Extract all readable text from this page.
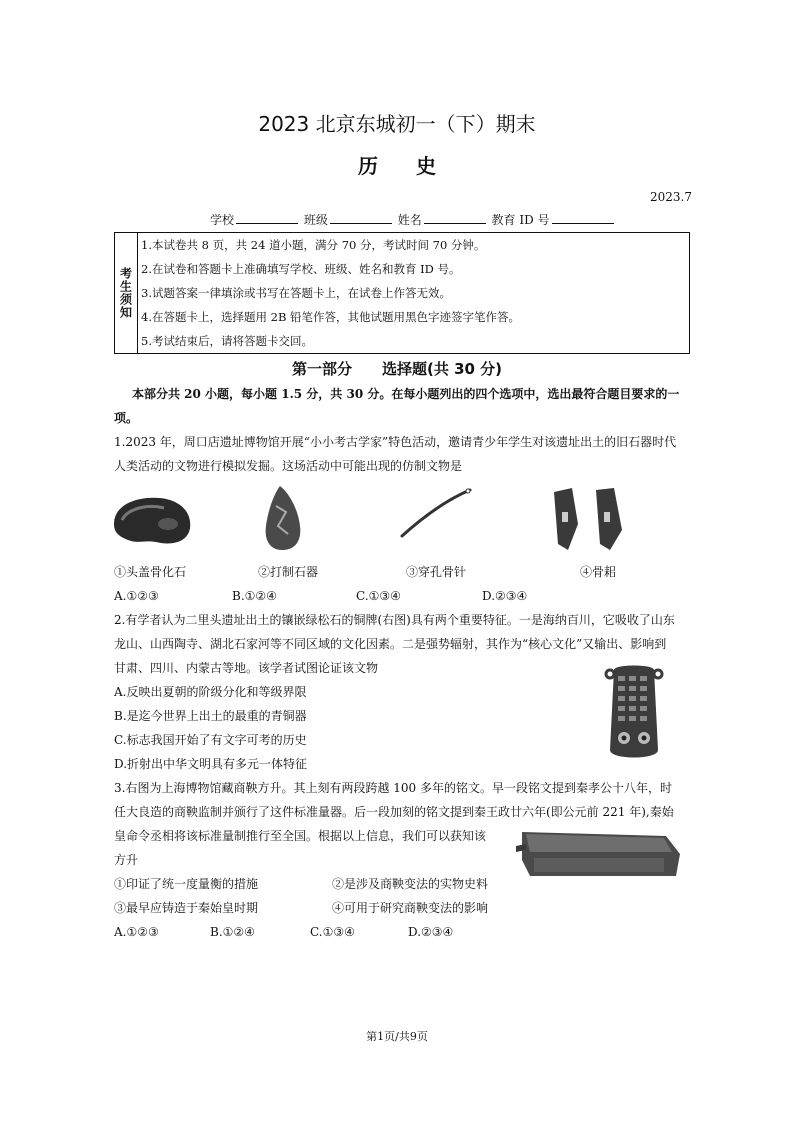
2023 北京东城初一（下）期末
历史
2023.7
学校	班级	姓名	教育 ID 号
考生须知
1.本试卷共 8 页，共 24 道小题，满分 70 分，考试时间 70 分钟。
2.在试卷和答题卡上准确填写学校、班级、姓名和教育 ID 号。
3.试题答案一律填涂或书写在答题卡上，在试卷上作答无效。
4.在答题卡上，选择题用 2B 铅笔作答，其他试题用黑色字迹签字笔作答。
5.考试结束后，请将答题卡交回。
第一部分　　选择题(共 30 分)
本部分共 20 小题，每小题 1.5 分，共 30 分。在每小题列出的四个选项中，选出最符合题目要求的一
项。
1.2023 年，周口店遗址博物馆开展“小小考古学家”特色活动，邀请青少年学生对该遗址出土的旧石器时代
人类活动的文物进行模拟发掘。这场活动中可能出现的仿制文物是
①头盖骨化石	②打制石器	③穿孔骨针	④骨耜
A.①②③	B.①②④	C.①③④	D.②③④
2.有学者认为二里头遗址出土的镶嵌绿松石的铜牌(右图)具有两个重要特征。一是海纳百川，它吸收了山东
龙山、山西陶寺、湖北石家河等不同区域的文化因素。二是强势辐射，其作为“核心文化”又输出、影响到
甘肃、四川、内蒙古等地。该学者试图论证该文物
A.反映出夏朝的阶级分化和等级界限
B.是迄今世界上出土的最重的青铜器
C.标志我国开始了有文字可考的历史
D.折射出中华文明具有多元一体特征
3.右图为上海博物馆藏商鞅方升。其上刻有两段跨越 100 多年的铭文。早一段铭文提到秦孝公十八年，时
任大良造的商鞅监制并颁行了这件标准量器。后一段加刻的铭文提到秦王政廿六年(即公元前 221 年),秦始
皇命令丞相将该标准量制推行至全国。根据以上信息，我们可以获知该
方升
①印证了统一度量衡的措施	②是涉及商鞅变法的实物史料
③最早应铸造于秦始皇时期	④可用于研究商鞅变法的影响
A.①②③	B.①②④	C.①③④	D.②③④
第1页/共9页
